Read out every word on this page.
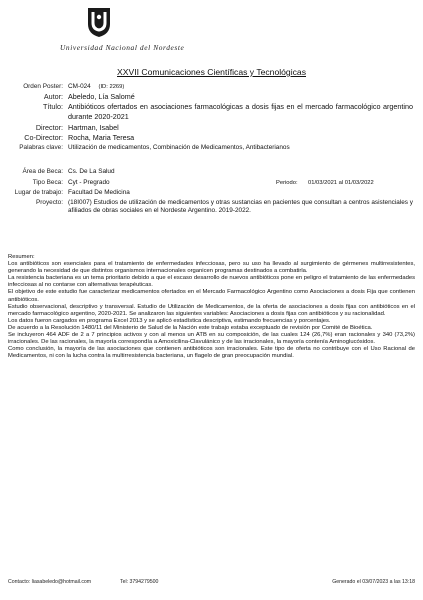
Universidad Nacional del Nordeste
XXVII Comunicaciones Científicas y Tecnológicas
Orden Poster: CM-024 (ID: 2269)
Autor: Abeledo, Lía Salomé
Título: Antibióticos ofertados en asociaciones farmacológicas a dosis fijas en el mercado farmacológico argentino durante 2020-2021
Director: Hartman, Isabel
Co-Director: Rocha, Maria Teresa
Palabras clave: Utilización de medicamentos, Combinación de Medicamentos, Antibacterianos
Área de Beca: Cs. De La Salud
Tipo Beca: Cyt - Pregrado	Periodo: 01/03/2021 al 01/03/2022
Lugar de trabajo: Facultad De Medicina
Proyecto: (18I007) Estudios de utilización de medicamentos y otras sustancias en pacientes que consultan a centros asistenciales y afiliados de obras sociales en el Nordeste Argentino. 2019-2022.

Resumen:

Los antibióticos son esenciales para el tratamiento de enfermedades infecciosas, pero su uso ha llevado al surgimiento de gérmenes multirresistentes, generando la necesidad de que distintos organismos internacionales organicen programas destinados a combatirla.

La resistencia bacteriana es un tema prioritario debido a que el escaso desarrollo de nuevos antibióticos pone en peligro el tratamiento de las enfermedades infecciosas al no contarse con alternativas terapéuticas.

El objetivo de este estudio fue caracterizar medicamentos ofertados en el Mercado Farmacológico Argentino como Asociaciones a dosis Fija que contienen antibióticos.

Estudio observacional, descriptivo y transversal. Estudio de Utilización de Medicamentos, de la oferta de asociaciones a dosis fijas con antibióticos en el mercado farmacológico argentino, 2020-2021. Se analizaron las siguientes variables: Asociaciones a dosis fijas con antibióticos y su racionalidad.

Los datos fueron cargados en programa Excel 2013 y se aplicó estadística descriptiva, estimando frecuencias y porcentajes.

De acuerdo a la Resolución 1480/11 del Ministerio de Salud de la Nación este trabajo estaba exceptuado de revisión por Comité de Bioética.

Se incluyeron 464 ADF de 2 a 7 principios activos y con al menos un ATB en su composición, de las cuales 124 (26,7%) eran racionales y 340 (73,2%) irracionales. De las racionales, la mayoría correspondía a Amoxicilina-Clavulánico y de las irracionales, la mayoría contenía Aminoglucósidos.

Como conclusión, la mayoría de las asociaciones que contienen antibióticos son irracionales. Este tipo de oferta no contribuye con el Uso Racional de Medicamentos, ni con la lucha contra la multirresistencia bacteriana, un flagelo de gran preocupación mundial.

Contacto: liasabeledo@hotmail.com	Tel: 3794279500	Generado el 03/07/2023 a las 13:18
